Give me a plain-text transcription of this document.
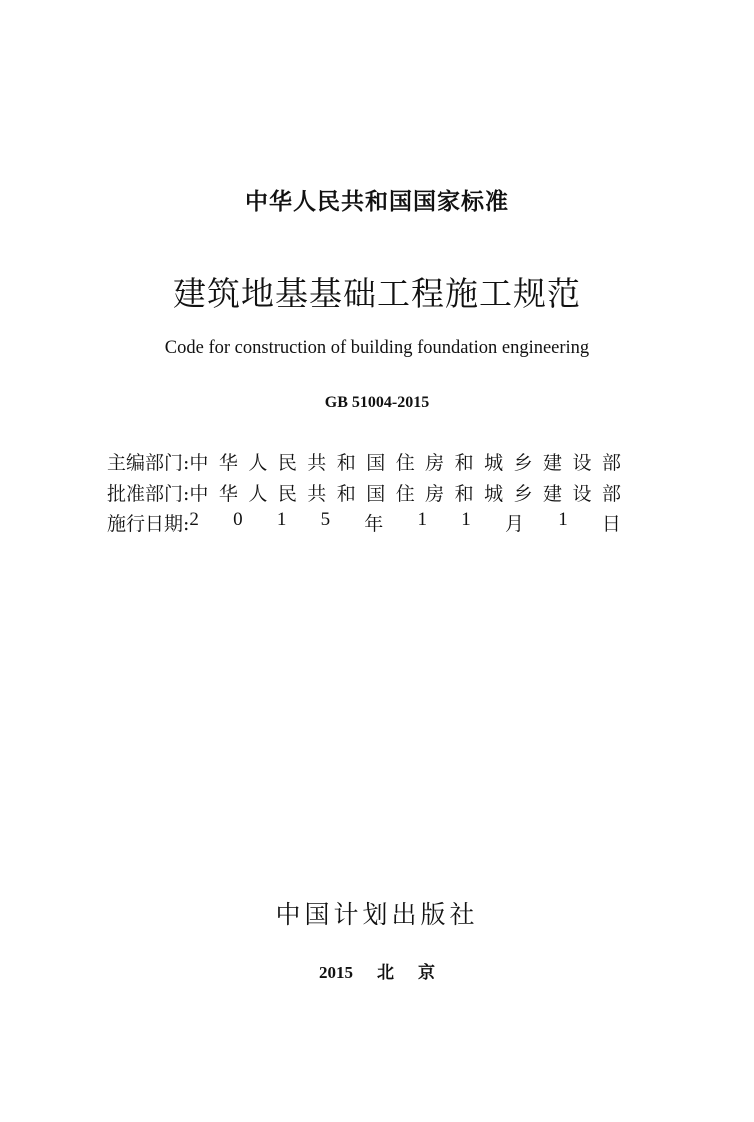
中华人民共和国国家标准
建筑地基基础工程施工规范
Code for construction of building foundation engineering
GB 51004-2015
主编部门: 中 华 人 民 共 和 国 住 房 和 城 乡 建 设 部
批准部门: 中 华 人 民 共 和 国 住 房 和 城 乡 建 设 部
施行日期: 2 0 1 5 年 1 1 月 1 日
中国计划出版社
2015 北 京
